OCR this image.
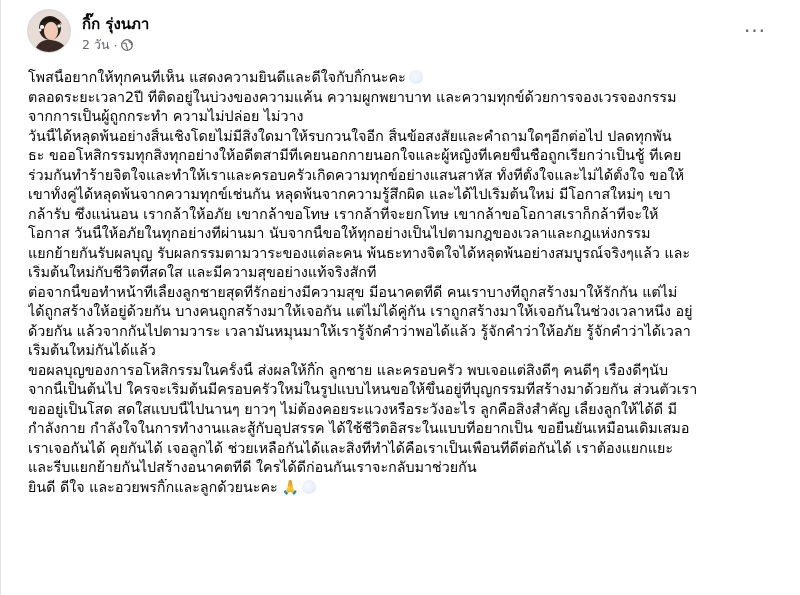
กิ๊ก รุ่งนภา
2 วัน ·
···

โพสนี้อยากให้ทุกคนที่เห็น แสดงความยินดีและดีใจกับกิ๊กนะคะ
ตลอดระยะเวลา2ปี ที่ติดอยู่ในบ่วงของความแค้น ความผูกพยาบาท และความทุกข์ด้วยการจองเวรจองกรรม
จากการเป็นผู้ถูกกระทำ ความไม่ปล่อย ไม่วาง
วันนี้ได้หลุดพ้นอย่างสิ้นเชิงโดยไม่มีสิ่งใดมาให้รบกวนใจอีก สิ้นข้อสงสัยและคำถามใดๆอีกต่อไป ปลดทุกพัน
ธะ ขออโหสิกรรมทุกสิ่งทุกอย่างให้อดีตสามีที่เคยนอกกายนอกใจและผู้หญิงที่เคยขึ้นชื่อถูกเรียกว่าเป็นชู้ ที่เคย
ร่วมกันทำร้ายจิตใจและทำให้เราและครอบครัวเกิดความทุกข์อย่างแสนสาหัส ทั้งที่ตั้งใจและไม่ได้ตั้งใจ ขอให้
เขาทั้งคู่ได้หลุดพ้นจากความทุกข์เช่นกัน หลุดพ้นจากความรู้สึกผิด และได้ไปเริ่มต้นใหม่ มีโอกาสใหม่ๆ เขา
กล้ารับ ซึ่งแน่นอน เรากล้าให้อภัย เขากล้าขอโทษ เรากล้าที่จะยกโทษ เขากล้าขอโอกาสเราก็กล้าที่จะให้
โอกาส วันนี้ให้อภัยในทุกอย่างที่ผ่านมา นับจากนี้ขอให้ทุกอย่างเป็นไปตามกฎของเวลาและกฎแห่งกรรม
แยกย้ายกันรับผลบุญ รับผลกรรมตามวาระของแต่ละคน พ้นธะทางจิตใจได้หลุดพ้นอย่างสมบูรณ์จริงๆแล้ว และ
เริ่มต้นใหม่กับชีวิตที่สดใส และมีความสุขอย่างแท้จริงสักที
ต่อจากนี้ขอทำหน้าที่เลี้ยงลูกชายสุดที่รักอย่างมีความสุข มีอนาคตที่ดี คนเราบางทีถูกสร้างมาให้รักกัน แต่ไม่
ได้ถูกสร้างให้อยู่ด้วยกัน บางคนถูกสร้างมาให้เจอกัน แต่ไม่ได้คู่กัน เราถูกสร้างมาให้เจอกันในช่วงเวลาหนึ่ง อยู่
ด้วยกัน แล้วจากกันไปตามวาระ เวลามันหมุนมาให้เรารู้จักคำว่าพอได้แล้ว รู้จักคำว่าให้อภัย รู้จักคำว่าได้เวลา
เริ่มต้นใหม่กันได้แล้ว
ขอผลบุญของการอโหสิกรรมในครั้งนี้ ส่งผลให้กิ๊ก ลูกชาย และครอบครัว พบเจอแต่สิ่งดีๆ คนดีๆ เรื่องดีๆนับ
จากนี้เป็นต้นไป ใครจะเริ่มต้นมีครอบครัวใหม่ในรูปแบบไหนขอให้ขึ้นอยู่ที่บุญกรรมที่สร้างมาด้วยกัน ส่วนตัวเรา
ขออยู่เป็นโสด สดใสแบบนี้ไปนานๆ ยาวๆ ไม่ต้องคอยระแวงหรือระวังอะไร ลูกคือสิ่งสำคัญ เลี้ยงลูกให้ได้ดี มี
กำลังกาย กำลังใจในการทำงานและสู้กับอุปสรรค ได้ใช้ชีวิตอิสระในแบบที่อยากเป็น ขอยืนยันเหมือนเดิมเสมอ
เราเจอกันได้ คุยกันได้ เจอลูกได้ ช่วยเหลือกันได้และสิ่งที่ทำได้คือเราเป็นเพื่อนที่ดีต่อกันได้ เราต้องแยกแยะ
และรีบแยกย้ายกันไปสร้างอนาคตที่ดี ใครได้ดีก่อนกันเราจะกลับมาช่วยกัน
ยินดี ดีใจ และอวยพรกิ๊กและลูกด้วยนะคะ 🙏
